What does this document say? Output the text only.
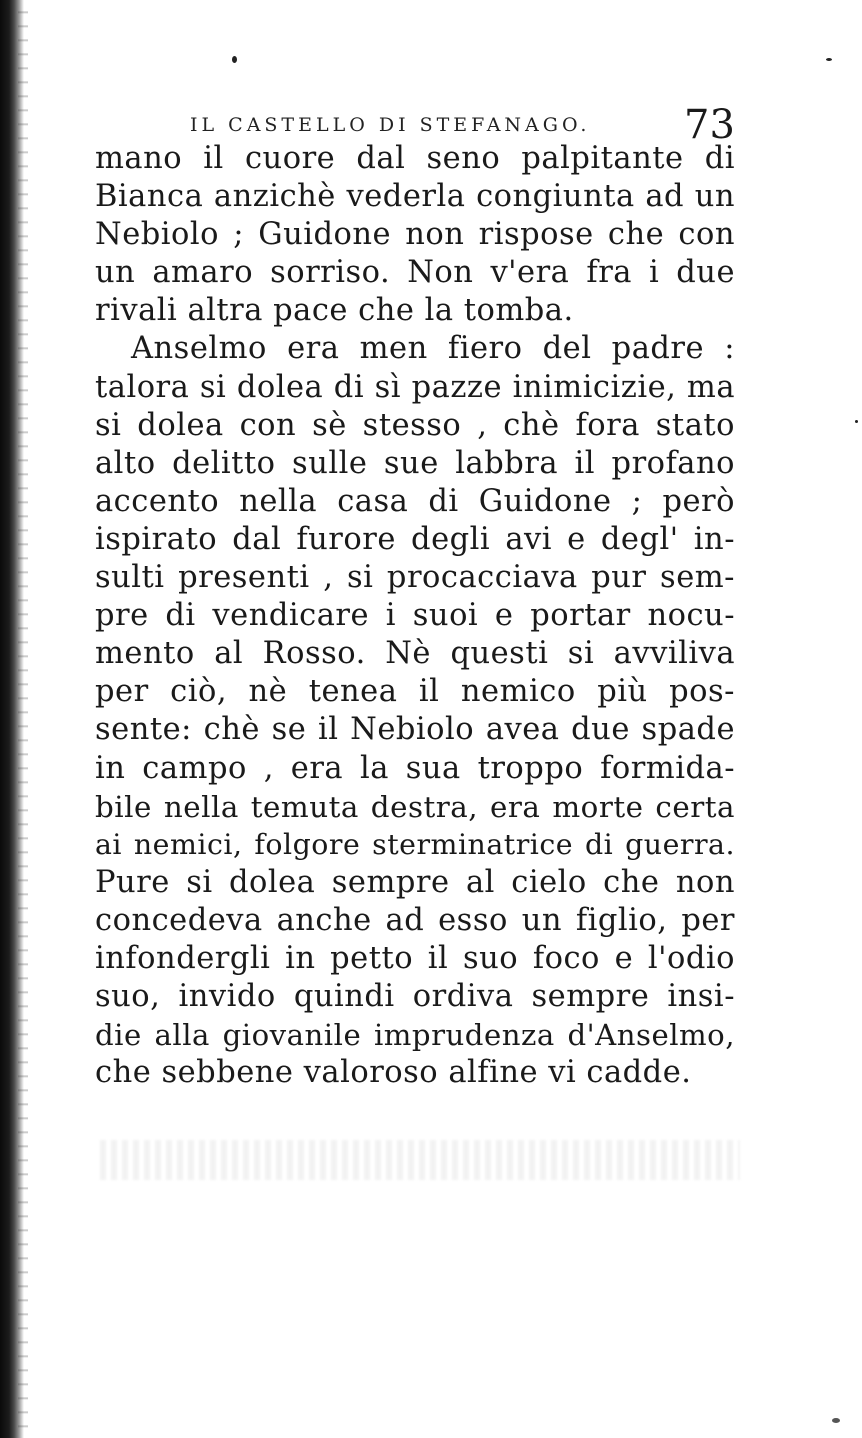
IL CASTELLO DI STEFANAGO. 73
mano il cuore dal seno palpitante di
Bianca anzichè vederla congiunta ad un
Nebiolo ; Guidone non rispose che con
un amaro sorriso. Non v'era fra i due
rivali altra pace che la tomba.
Anselmo era men fiero del padre :
talora si dolea di sì pazze inimicizie, ma
si dolea con sè stesso , chè fora stato
alto delitto sulle sue labbra il profano
accento nella casa di Guidone ; però
ispirato dal furore degli avi e degl' in-
sulti presenti , si procacciava pur sem-
pre di vendicare i suoi e portar nocu-
mento al Rosso. Nè questi si avviliva
per ciò, nè tenea il nemico più pos-
sente: chè se il Nebiolo avea due spade
in campo , era la sua troppo formida-
bile nella temuta destra, era morte certa
ai nemici, folgore sterminatrice di guerra.
Pure si dolea sempre al cielo che non
concedeva anche ad esso un figlio, per
infondergli in petto il suo foco e l'odio
suo, invido quindi ordiva sempre insi-
die alla giovanile imprudenza d'Anselmo,
che sebbene valoroso alfine vi cadde.
